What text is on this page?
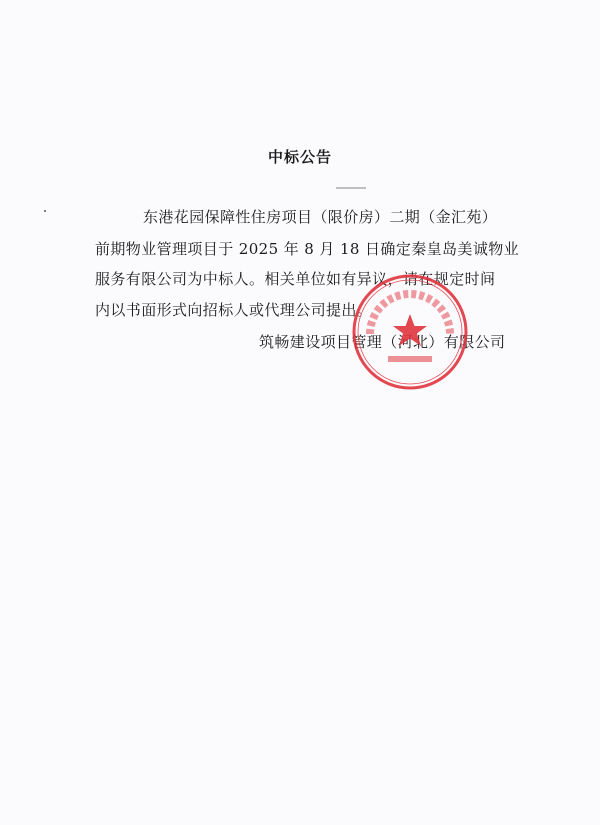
中标公告
东港花园保障性住房项目（限价房）二期（金汇苑）
前期物业管理项目于 2025 年 8 月 18 日确定秦皇岛美诚物业
服务有限公司为中标人。相关单位如有异议，请在规定时间
内以书面形式向招标人或代理公司提出。
筑畅建设项目管理（河北）有限公司
